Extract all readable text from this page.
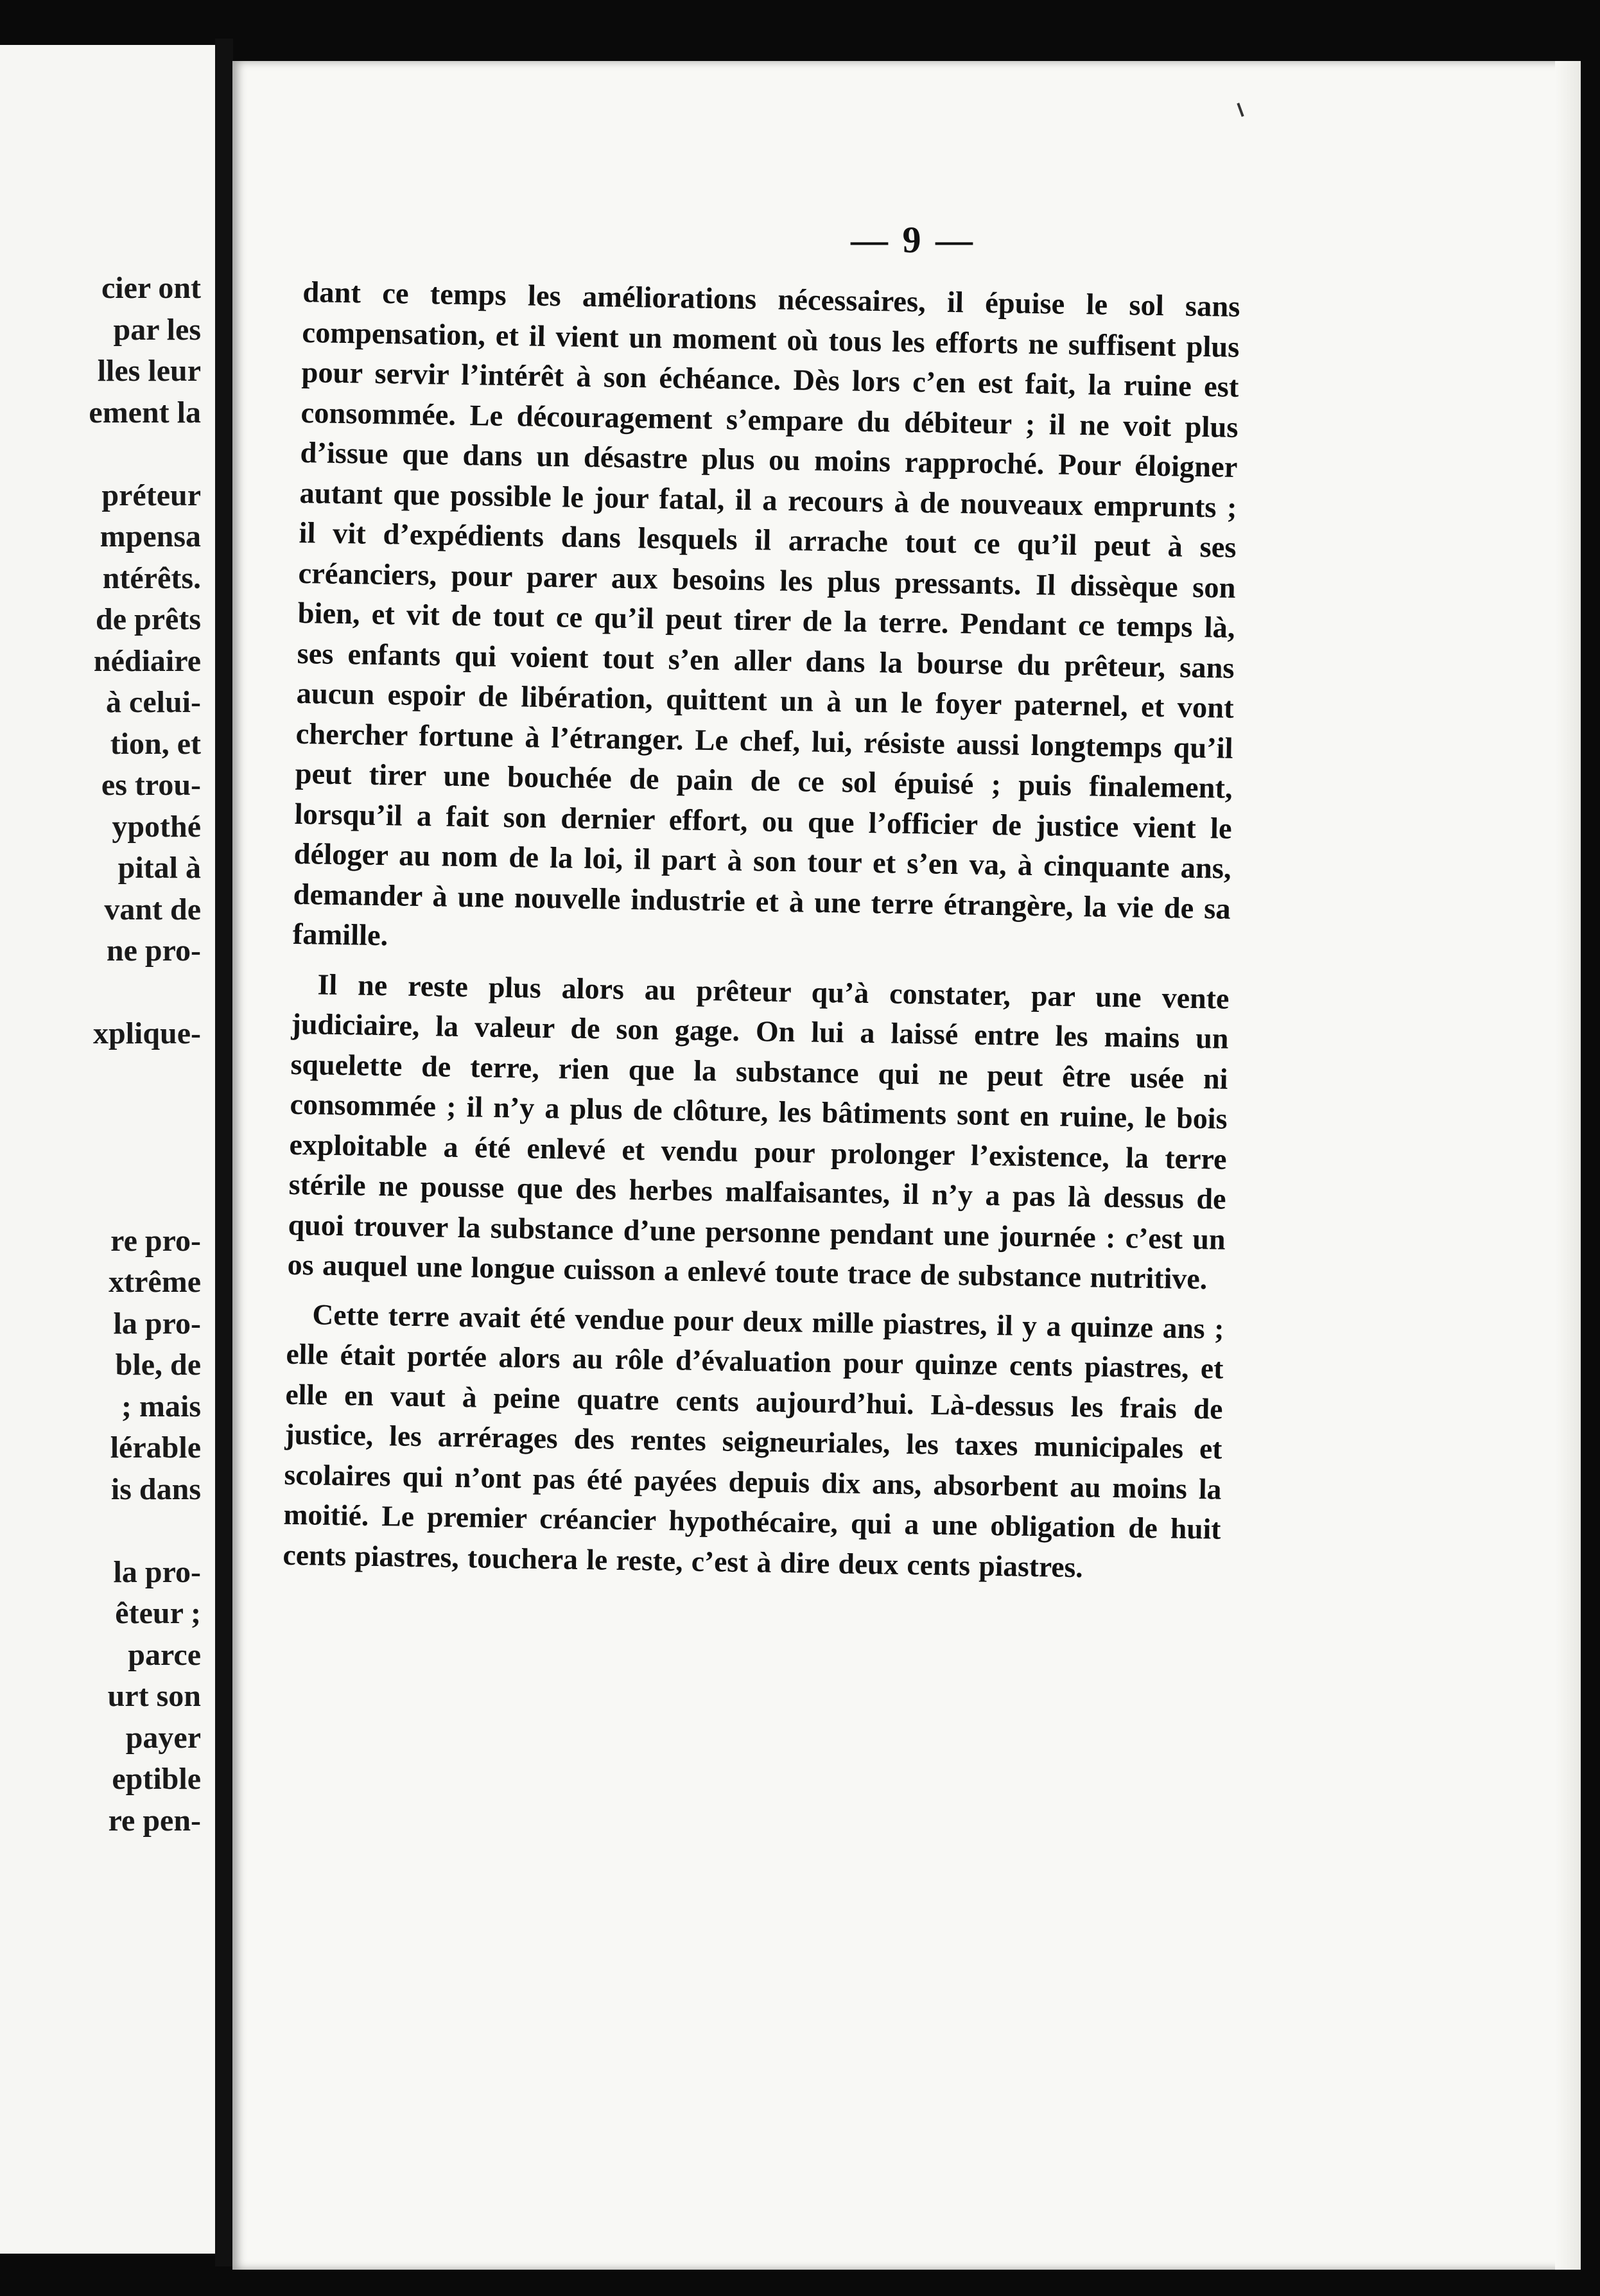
cier ont
par les
lles leur
ement la
préteur
mpensa
ntérêts.
de prêts
nédiaire
à celui-
tion, et
es trou-
ypothé
pital à
vant de
ne pro-
xplique-
re pro-
xtrême
la pro-
ble, de
; mais
lérable
is dans
la pro-
êteur ;
parce
urt son
payer
eptible
re pen-
— 9 —

dant ce temps les améliorations nécessaires, il épuise le sol sans compensation, et il vient un moment où tous les efforts ne suffisent plus pour servir l’intérêt à son échéance. Dès lors c’en est fait, la ruine est consommée. Le découragement s’empare du débiteur ; il ne voit plus d’issue que dans un désastre plus ou moins rapproché. Pour éloigner autant que possible le jour fatal, il a recours à de nouveaux emprunts ; il vit d’expédients dans lesquels il arrache tout ce qu’il peut à ses créanciers, pour parer aux besoins les plus pressants. Il dissèque son bien, et vit de tout ce qu’il peut tirer de la terre. Pendant ce temps là, ses enfants qui voient tout s’en aller dans la bourse du prêteur, sans aucun espoir de libération, quittent un à un le foyer paternel, et vont chercher fortune à l’étranger. Le chef, lui, résiste aussi longtemps qu’il peut tirer une bouchée de pain de ce sol épuisé ; puis finalement, lorsqu’il a fait son dernier effort, ou que l’officier de justice vient le déloger au nom de la loi, il part à son tour et s’en va, à cinquante ans, demander à une nouvelle industrie et à une terre étrangère, la vie de sa famille.

Il ne reste plus alors au prêteur qu’à constater, par une vente judiciaire, la valeur de son gage. On lui a laissé entre les mains un squelette de terre, rien que la substance qui ne peut être usée ni consommée ; il n’y a plus de clôture, les bâtiments sont en ruine, le bois exploitable a été enlevé et vendu pour prolonger l’existence, la terre stérile ne pousse que des herbes malfaisantes, il n’y a pas là dessus de quoi trouver la substance d’une personne pendant une journée : c’est un os auquel une longue cuisson a enlevé toute trace de substance nutritive.

Cette terre avait été vendue pour deux mille piastres, il y a quinze ans ; elle était portée alors au rôle d’évaluation pour quinze cents piastres, et elle en vaut à peine quatre cents aujourd’hui. Là-dessus les frais de justice, les arrérages des rentes seigneuriales, les taxes municipales et scolaires qui n’ont pas été payées depuis dix ans, absorbent au moins la moitié. Le premier créancier hypothécaire, qui a une obligation de huit cents piastres, touchera le reste, c’est à dire deux cents piastres.
